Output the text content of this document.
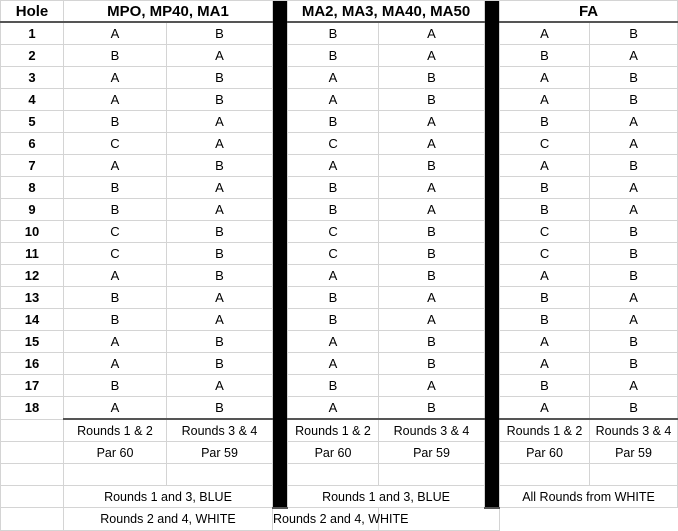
Hole	MPO, MP40, MA1			MA2, MA3, MA40, MA50			FA	
1	A	B		B	A		A	B
2	B	A		B	A		B	A
3	A	B		A	B		A	B
4	A	B		A	B		A	B
5	B	A		B	A		B	A
6	C	A		C	A		C	A
7	A	B		A	B		A	B
8	B	A		B	A		B	A
9	B	A		B	A		B	A
10	C	B		C	B		C	B
11	C	B		C	B		C	B
12	A	B		A	B		A	B
13	B	A		B	A		B	A
14	B	A		B	A		B	A
15	A	B		A	B		A	B
16	A	B		A	B		A	B
17	B	A		B	A		B	A
18	A	B		A	B		A	B
	Rounds 1 & 2	Rounds 3 & 4		Rounds 1 & 2	Rounds 3 & 4		Rounds 1 & 2	Rounds 3 & 4
	Par 60	Par 59		Par 60	Par 59		Par 60	Par 59

	Rounds 1 and 3, BLUE			Rounds 1 and 3, BLUE			All Rounds from WHITE	
	Rounds 2 and 4, WHITE		Rounds 2 and 4, WHITE					
